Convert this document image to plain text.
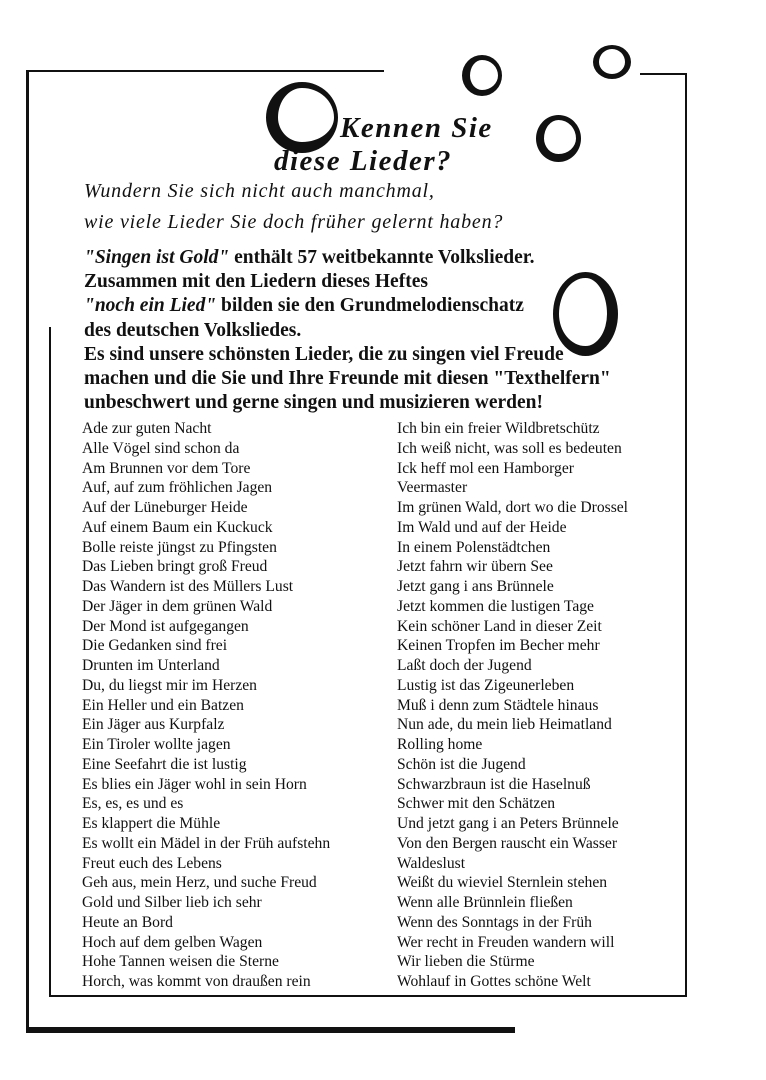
Kennen Sie
diese Lieder?
Wundern Sie sich nicht auch manchmal,
wie viele Lieder Sie doch früher gelernt haben?
"Singen ist Gold" enthält 57 weitbekannte Volkslieder.
Zusammen mit den Liedern dieses Heftes
"noch ein Lied" bilden sie den Grundmelodienschatz
des deutschen Volksliedes.
Es sind unsere schönsten Lieder, die zu singen viel Freude
machen und die Sie und Ihre Freunde mit diesen "Texthelfern"
unbeschwert und gerne singen und musizieren werden!
Ade zur guten Nacht
Alle Vögel sind schon da
Am Brunnen vor dem Tore
Auf, auf zum fröhlichen Jagen
Auf der Lüneburger Heide
Auf einem Baum ein Kuckuck
Bolle reiste jüngst zu Pfingsten
Das Lieben bringt groß Freud
Das Wandern ist des Müllers Lust
Der Jäger in dem grünen Wald
Der Mond ist aufgegangen
Die Gedanken sind frei
Drunten im Unterland
Du, du liegst mir im Herzen
Ein Heller und ein Batzen
Ein Jäger aus Kurpfalz
Ein Tiroler wollte jagen
Eine Seefahrt die ist lustig
Es blies ein Jäger wohl in sein Horn
Es, es, es und es
Es klappert die Mühle
Es wollt ein Mädel in der Früh aufstehn
Freut euch des Lebens
Geh aus, mein Herz, und suche Freud
Gold und Silber lieb ich sehr
Heute an Bord
Hoch auf dem gelben Wagen
Hohe Tannen weisen die Sterne
Horch, was kommt von draußen rein
Ich bin ein freier Wildbretschütz
Ich weiß nicht, was soll es bedeuten
Ick heff mol een Hamborger
Veermaster
Im grünen Wald, dort wo die Drossel
Im Wald und auf der Heide
In einem Polenstädtchen
Jetzt fahrn wir übern See
Jetzt gang i ans Brünnele
Jetzt kommen die lustigen Tage
Kein schöner Land in dieser Zeit
Keinen Tropfen im Becher mehr
Laßt doch der Jugend
Lustig ist das Zigeunerleben
Muß i denn zum Städtele hinaus
Nun ade, du mein lieb Heimatland
Rolling home
Schön ist die Jugend
Schwarzbraun ist die Haselnuß
Schwer mit den Schätzen
Und jetzt gang i an Peters Brünnele
Von den Bergen rauscht ein Wasser
Waldeslust
Weißt du wieviel Sternlein stehen
Wenn alle Brünnlein fließen
Wenn des Sonntags in der Früh
Wer recht in Freuden wandern will
Wir lieben die Stürme
Wohlauf in Gottes schöne Welt
